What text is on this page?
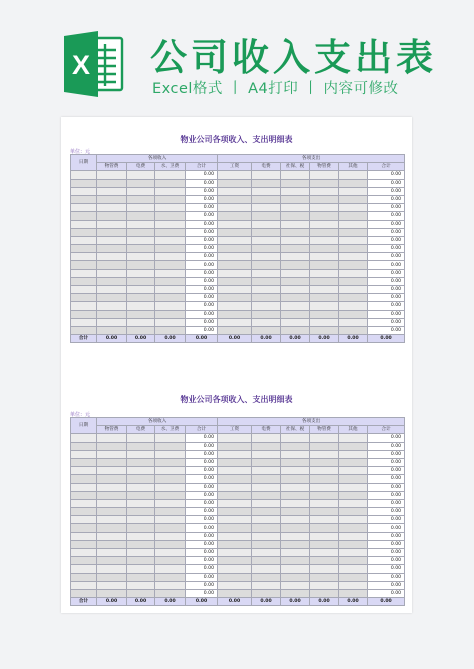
X 公司收入支出表
Excel格式 丨 A4打印 丨 内容可修改
物业公司各项收入、支出明细表
单位：元
日期	各项收入				各项支出					
	物管费	电费	水、卫费	合计	工资	电费	社保、税	物管费	其他	合计
				0.00						0.00
				0.00						0.00
				0.00						0.00
				0.00						0.00
				0.00						0.00
				0.00						0.00
				0.00						0.00
				0.00						0.00
				0.00						0.00
				0.00						0.00
				0.00						0.00
				0.00						0.00
				0.00						0.00
				0.00						0.00
				0.00						0.00
				0.00						0.00
				0.00						0.00
				0.00						0.00
				0.00						0.00
				0.00						0.00
合计	0.00	0.00	0.00	0.00	0.00	0.00	0.00	0.00	0.00	0.00
物业公司各项收入、支出明细表
单位：元
日期	各项收入				各项支出					
	物管费	电费	水、卫费	合计	工资	电费	社保、税	物管费	其他	合计
				0.00						0.00
				0.00						0.00
				0.00						0.00
				0.00						0.00
				0.00						0.00
				0.00						0.00
				0.00						0.00
				0.00						0.00
				0.00						0.00
				0.00						0.00
				0.00						0.00
				0.00						0.00
				0.00						0.00
				0.00						0.00
				0.00						0.00
				0.00						0.00
				0.00						0.00
				0.00						0.00
				0.00						0.00
				0.00						0.00
合计	0.00	0.00	0.00	0.00	0.00	0.00	0.00	0.00	0.00	0.00
